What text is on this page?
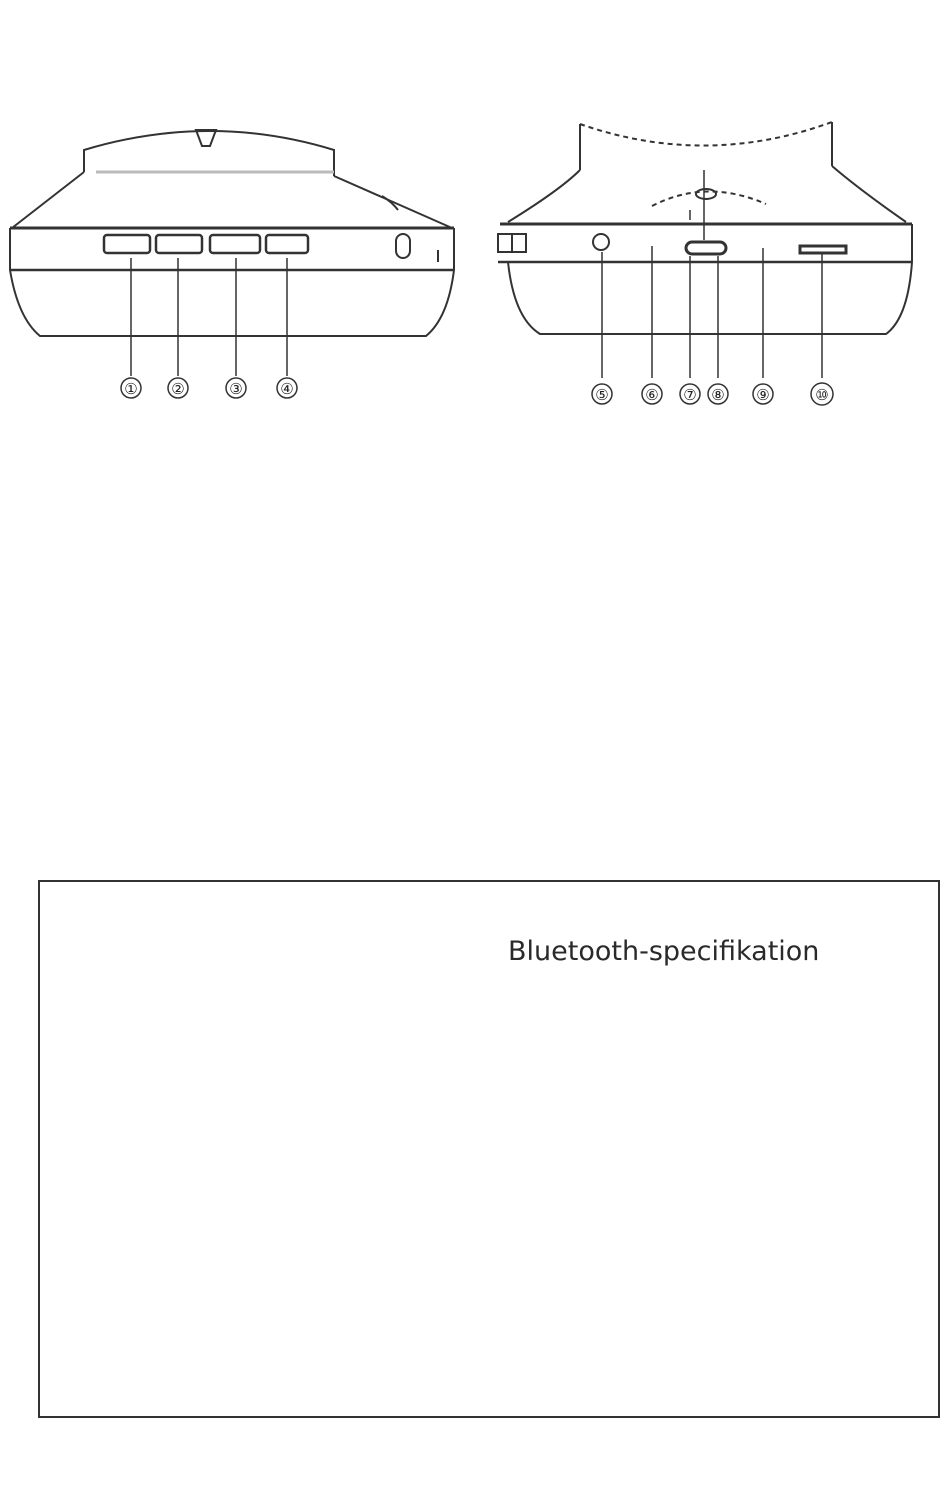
① ②	③	④	⑤ ⑥ ⑦ ⑧ ⑨	⑩
Bluetooth-specifikation
